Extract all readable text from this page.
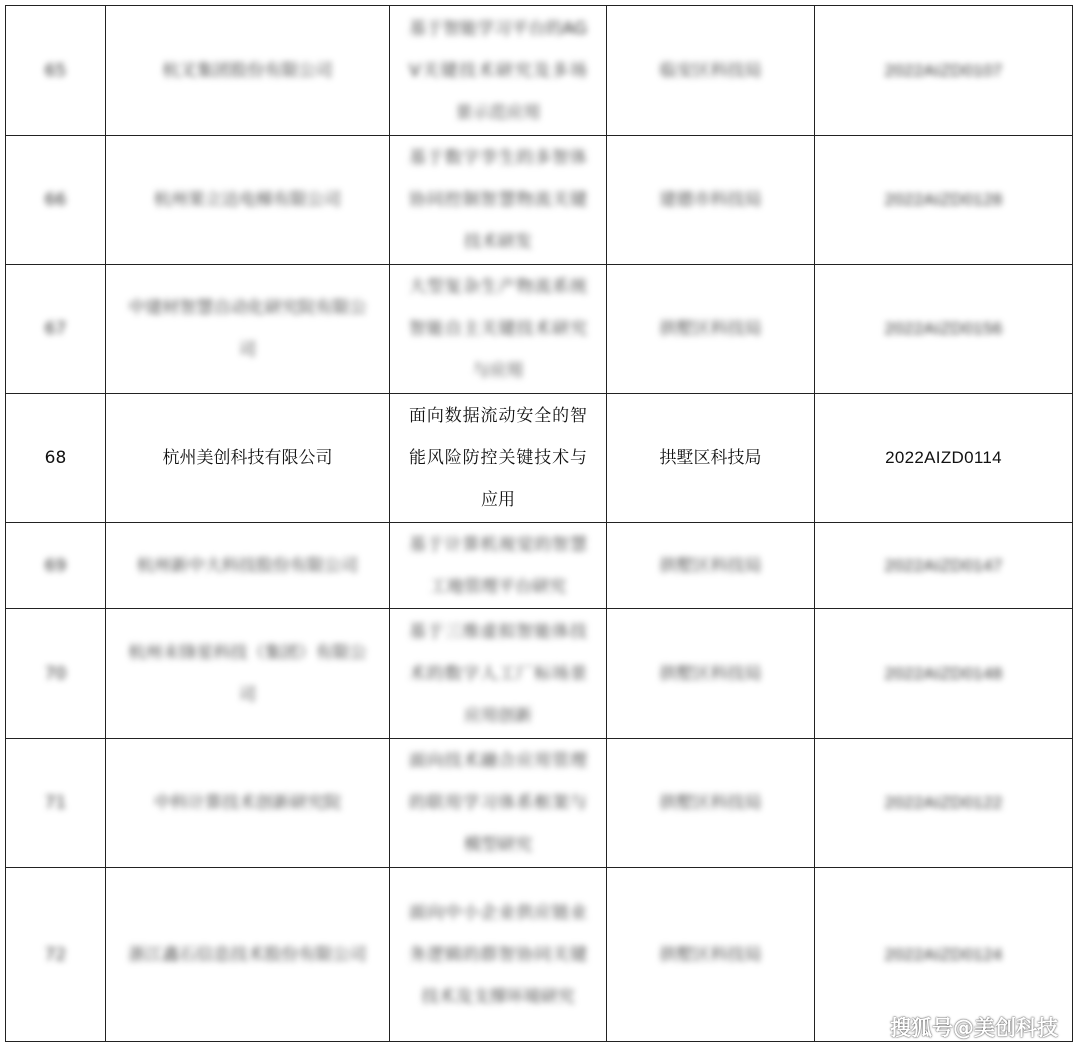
65	杭叉集团股份有限公司	基于智能学习平台的AGV关键技术研究及多场景示范应用	临安区科技局	2022AIZD0107

66	杭州果立达电梯有限公司	基于数字孪生的多智体协同控制智慧物流关键技术研发	建德市科技局	2022AIZD0128

67	中建材智慧自动化研究院有限公司	大型复杂生产物流系统智能自主关键技术研究与应用	拱墅区科技局	2022AIZD0156

68	杭州美创科技有限公司	面向数据流动安全的智能风险防控关键技术与应用	拱墅区科技局	2022AIZD0114

69	杭州新中大科技股份有限公司	基于计算机视觉的智慧工地管理平台研究	拱墅区科技局	2022AIZD0147

70	杭州未锋星科技（集团）有限公司	基于三维虚拟智能体技术的数字人工厂标场景应用创新	拱墅区科技局	2022AIZD0148

71	中科计算技术创新研究院	面向技术融合应用管理的联用学习体系框架与模型研究	拱墅区科技局	2022AIZD0122

72	浙江鑫石信息技术股份有限公司	面向中小企业供应链业务逻辑的群智协同关键技术及支撑环境研究	拱墅区科技局	2022AIZD0124
搜狐号@美创科技
